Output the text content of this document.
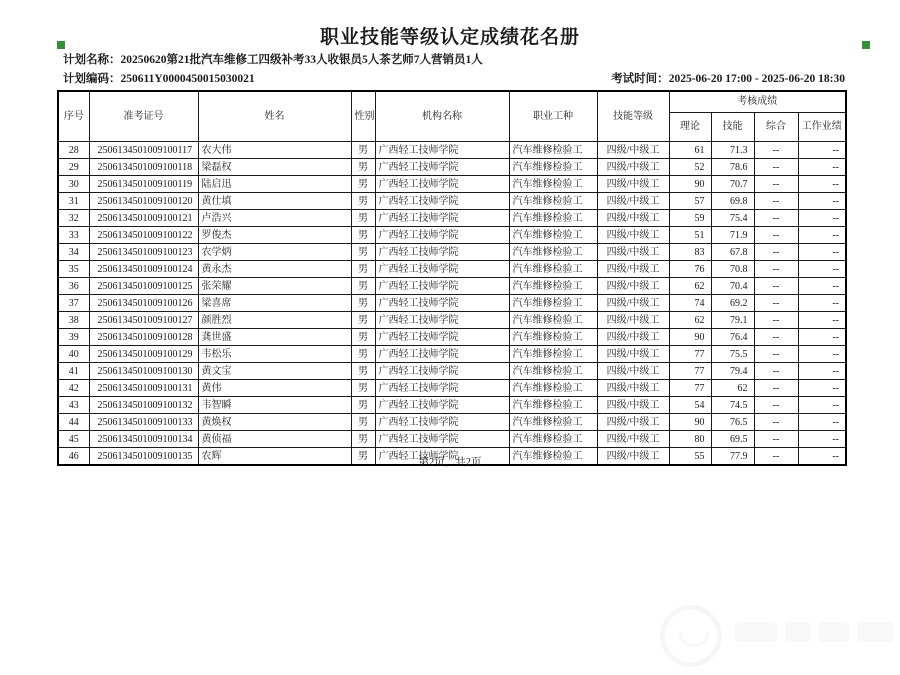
职业技能等级认定成绩花名册
计划名称：20250620第21批汽车维修工四级补考33人收银员5人茶艺师7人营销员1人
计划编码：250611Y0000450015030021	考试时间：2025-06-20 17:00 - 2025-06-20 18:30
序号	准考证号	姓名	性别	机构名称	职业工种	技能等级	考核成绩			
							理论	技能	综合	工作业绩
28	2506134501009100117	农大伟	男	广西轻工技师学院	汽车维修检验工	四级/中级工	61	71.3	--	--
29	2506134501009100118	梁磊权	男	广西轻工技师学院	汽车维修检验工	四级/中级工	52	78.6	--	--
30	2506134501009100119	陆启迅	男	广西轻工技师学院	汽车维修检验工	四级/中级工	90	70.7	--	--
31	2506134501009100120	黄仕填	男	广西轻工技师学院	汽车维修检验工	四级/中级工	57	69.8	--	--
32	2506134501009100121	卢浩兴	男	广西轻工技师学院	汽车维修检验工	四级/中级工	59	75.4	--	--
33	2506134501009100122	罗俊杰	男	广西轻工技师学院	汽车维修检验工	四级/中级工	51	71.9	--	--
34	2506134501009100123	农学炳	男	广西轻工技师学院	汽车维修检验工	四级/中级工	83	67.8	--	--
35	2506134501009100124	黄永杰	男	广西轻工技师学院	汽车维修检验工	四级/中级工	76	70.8	--	--
36	2506134501009100125	张荣耀	男	广西轻工技师学院	汽车维修检验工	四级/中级工	62	70.4	--	--
37	2506134501009100126	梁喜席	男	广西轻工技师学院	汽车维修检验工	四级/中级工	74	69.2	--	--
38	2506134501009100127	颜胜烈	男	广西轻工技师学院	汽车维修检验工	四级/中级工	62	79.1	--	--
39	2506134501009100128	龚世盛	男	广西轻工技师学院	汽车维修检验工	四级/中级工	90	76.4	--	--
40	2506134501009100129	韦松乐	男	广西轻工技师学院	汽车维修检验工	四级/中级工	77	75.5	--	--
41	2506134501009100130	黄文宝	男	广西轻工技师学院	汽车维修检验工	四级/中级工	77	79.4	--	--
42	2506134501009100131	黄伟	男	广西轻工技师学院	汽车维修检验工	四级/中级工	77	62	--	--
43	2506134501009100132	韦智瞬	男	广西轻工技师学院	汽车维修检验工	四级/中级工	54	74.5	--	--
44	2506134501009100133	黄焕权	男	广西轻工技师学院	汽车维修检验工	四级/中级工	90	76.5	--	--
45	2506134501009100134	黄侦福	男	广西轻工技师学院	汽车维修检验工	四级/中级工	80	69.5	--	--
46	2506134501009100135	农辉	男	广西轻工技师学院	汽车维修检验工	四级/中级工	55	77.9	--	--
第2页，共2页
